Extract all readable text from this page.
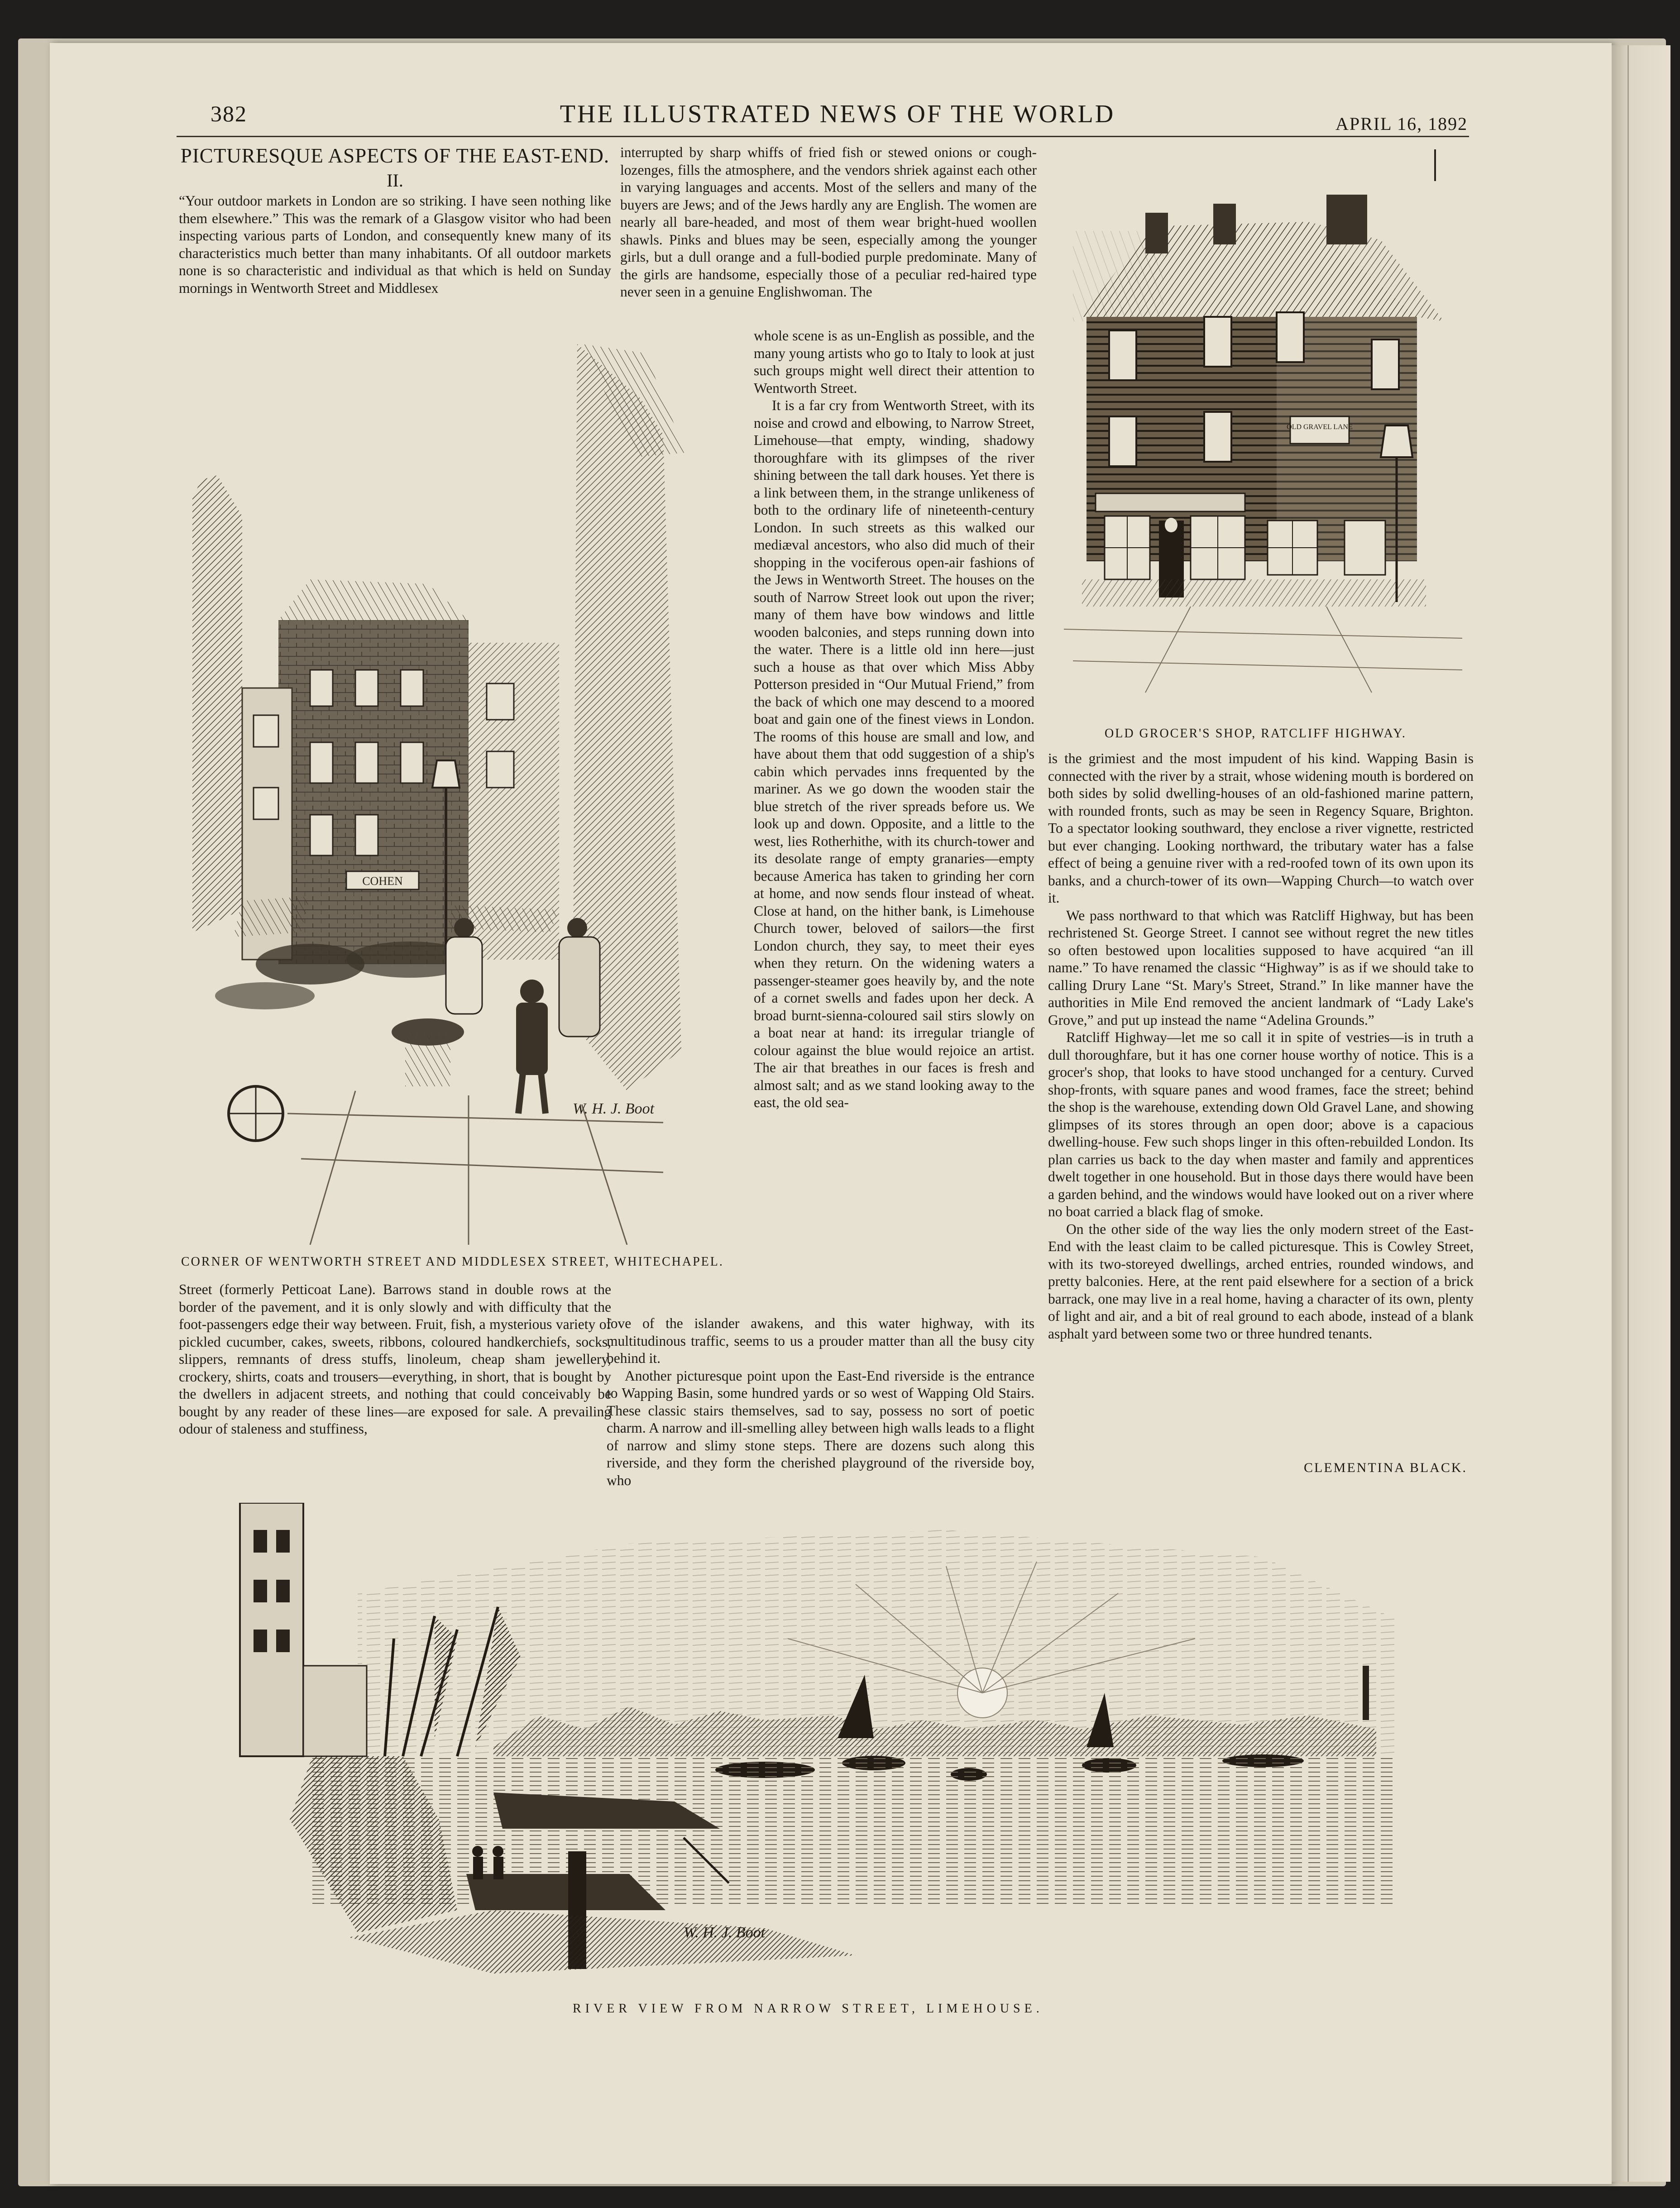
382	THE ILLUSTRATED NEWS OF THE WORLD	APRIL 16, 1892
PICTURESQUE ASPECTS OF THE EAST-END.
II.

“Your outdoor markets in London are so striking. I have seen nothing like them elsewhere.” This was the remark of a Glasgow visitor who had been inspecting various parts of London, and consequently knew many of its characteristics much better than many inhabitants. Of all outdoor markets none is so characteristic and individual as that which is held on Sunday mornings in Wentworth Street and Middlesex

COHEN
W. H. J. Boot
CORNER OF WENTWORTH STREET AND MIDDLESEX STREET, WHITECHAPEL.

Street (formerly Petticoat Lane). Barrows stand in double rows at the border of the pavement, and it is only slowly and with difficulty that the foot-passengers edge their way between. Fruit, fish, a mysterious variety of pickled cucumber, cakes, sweets, ribbons, coloured handkerchiefs, socks, slippers, remnants of dress stuffs, linoleum, cheap sham jewellery, crockery, shirts, coats and trousers—everything, in short, that is bought by the dwellers in adjacent streets, and nothing that could conceivably be bought by any reader of these lines—are exposed for sale. A prevailing odour of staleness and stuffiness,

interrupted by sharp whiffs of fried fish or stewed onions or cough-lozenges, fills the atmosphere, and the vendors shriek against each other in varying languages and accents. Most of the sellers and many of the buyers are Jews; and of the Jews hardly any are English. The women are nearly all bare-headed, and most of them wear bright-hued woollen shawls. Pinks and blues may be seen, especially among the younger girls, but a dull orange and a full-bodied purple predominate. Many of the girls are handsome, especially those of a peculiar red-haired type never seen in a genuine Englishwoman. The

whole scene is as un-English as possible, and the many young artists who go to Italy to look at just such groups might well direct their attention to Wentworth Street.

It is a far cry from Wentworth Street, with its noise and crowd and elbowing, to Narrow Street, Limehouse—that empty, winding, shadowy thoroughfare with its glimpses of the river shining between the tall dark houses. Yet there is a link between them, in the strange unlikeness of both to the ordinary life of nineteenth-century London. In such streets as this walked our mediæval ancestors, who also did much of their shopping in the vociferous open-air fashions of the Jews in Wentworth Street. The houses on the south of Narrow Street look out upon the river; many of them have bow windows and little wooden balconies, and steps running down into the water. There is a little old inn here—just such a house as that over which Miss Abby Potterson presided in “Our Mutual Friend,” from the back of which one may descend to a moored boat and gain one of the finest views in London. The rooms of this house are small and low, and have about them that odd suggestion of a ship's cabin which pervades inns frequented by the mariner. As we go down the wooden stair the blue stretch of the river spreads before us. We look up and down. Opposite, and a little to the west, lies Rotherhithe, with its church-tower and its desolate range of empty granaries—empty because America has taken to grinding her corn at home, and now sends flour instead of wheat. Close at hand, on the hither bank, is Limehouse Church tower, beloved of sailors—the first London church, they say, to meet their eyes when they return. On the widening waters a passenger-steamer goes heavily by, and the note of a cornet swells and fades upon her deck. A broad burnt-sienna-coloured sail stirs slowly on a boat near at hand: its irregular triangle of colour against the blue would rejoice an artist. The air that breathes in our faces is fresh and almost salt; and as we stand looking away to the east, the old sea-

love of the islander awakens, and this water highway, with its multitudinous traffic, seems to us a prouder matter than all the busy city behind it.

Another picturesque point upon the East-End riverside is the entrance to Wapping Basin, some hundred yards or so west of Wapping Old Stairs. These classic stairs themselves, sad to say, possess no sort of poetic charm. A narrow and ill-smelling alley between high walls leads to a flight of narrow and slimy stone steps. There are dozens such along this riverside, and they form the cherished playground of the riverside boy, who

OLD GRAVEL LANE
OLD GROCER'S SHOP, RATCLIFF HIGHWAY.

is the grimiest and the most impudent of his kind. Wapping Basin is connected with the river by a strait, whose widening mouth is bordered on both sides by solid dwelling-houses of an old-fashioned marine pattern, with rounded fronts, such as may be seen in Regency Square, Brighton. To a spectator looking southward, they enclose a river vignette, restricted but ever changing. Looking northward, the tributary water has a false effect of being a genuine river with a red-roofed town of its own upon its banks, and a church-tower of its own—Wapping Church—to watch over it.

We pass northward to that which was Ratcliff Highway, but has been rechristened St. George Street. I cannot see without regret the new titles so often bestowed upon localities supposed to have acquired “an ill name.” To have renamed the classic “Highway” is as if we should take to calling Drury Lane “St. Mary's Street, Strand.” In like manner have the authorities in Mile End removed the ancient landmark of “Lady Lake's Grove,” and put up instead the name “Adelina Grounds.”

Ratcliff Highway—let me so call it in spite of vestries—is in truth a dull thoroughfare, but it has one corner house worthy of notice. This is a grocer's shop, that looks to have stood unchanged for a century. Curved shop-fronts, with square panes and wood frames, face the street; behind the shop is the warehouse, extending down Old Gravel Lane, and showing glimpses of its stores through an open door; above is a capacious dwelling-house. Few such shops linger in this often-rebuilded London. Its plan carries us back to the day when master and family and apprentices dwelt together in one household. But in those days there would have been a garden behind, and the windows would have looked out on a river where no boat carried a black flag of smoke.

On the other side of the way lies the only modern street of the East-End with the least claim to be called picturesque. This is Cowley Street, with its two-storeyed dwellings, arched entries, rounded windows, and pretty balconies. Here, at the rent paid elsewhere for a section of a brick barrack, one may live in a real home, having a character of its own, plenty of light and air, and a bit of real ground to each abode, instead of a blank asphalt yard between some two or three hundred tenants.

CLEMENTINA BLACK.
W. H. J. Boot
RIVER VIEW FROM NARROW STREET, LIMEHOUSE.
